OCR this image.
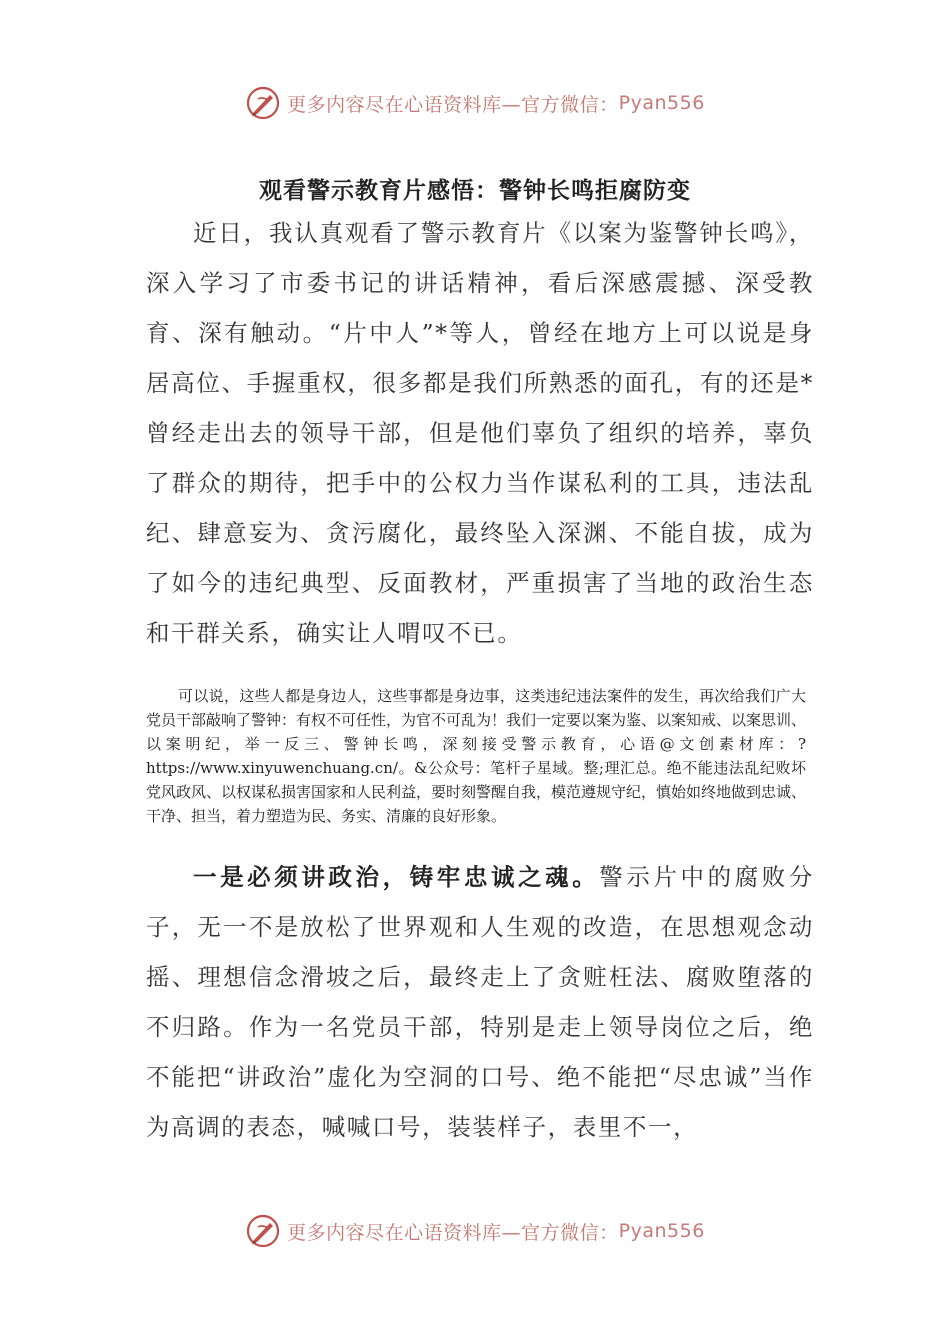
更多内容尽在心语资料库—官方微信： Pyan556
观看警示教育片感悟：警钟长鸣拒腐防变

近日，我认真观看了警示教育片《以案为鉴警钟长鸣》，深入学习了市委书记的讲话精神，看后深感震撼、深受教育、深有触动。“片中人”*等人，曾经在地方上可以说是身居高位、手握重权，很多都是我们所熟悉的面孔，有的还是*曾经走出去的领导干部，但是他们辜负了组织的培养，辜负了群众的期待，把手中的公权力当作谋私利的工具，违法乱纪、肆意妄为、贪污腐化，最终坠入深渊、不能自拔，成为了如今的违纪典型、反面教材，严重损害了当地的政治生态和干群关系，确实让人喟叹不已。

可以说，这些人都是身边人，这些事都是身边事，这类违纪违法案件的发生，再次给我们广大党员干部敲响了警钟：有权不可任性，为官不可乱为！我们一定要以案为鉴、以案知戒、以案思训、以案明纪，举一反三、警钟长鸣，深刻接受警示教育，心语@文创素材库：?https://www.xinyuwenchuang.cn/。&公众号：笔杆子星域。整;理汇总。绝不能违法乱纪败坏党风政风、以权谋私损害国家和人民利益，要时刻警醒自我，模范遵规守纪，慎始如终地做到忠诚、干净、担当，着力塑造为民、务实、清廉的良好形象。

一是必须讲政治，铸牢忠诚之魂。警示片中的腐败分子，无一不是放松了世界观和人生观的改造，在思想观念动摇、理想信念滑坡之后，最终走上了贪赃枉法、腐败堕落的不归路。作为一名党员干部，特别是走上领导岗位之后，绝不能把“讲政治”虚化为空洞的口号、绝不能把“尽忠诚”当作为高调的表态，喊喊口号，装装样子，表里不一，

更多内容尽在心语资料库—官方微信： Pyan556
